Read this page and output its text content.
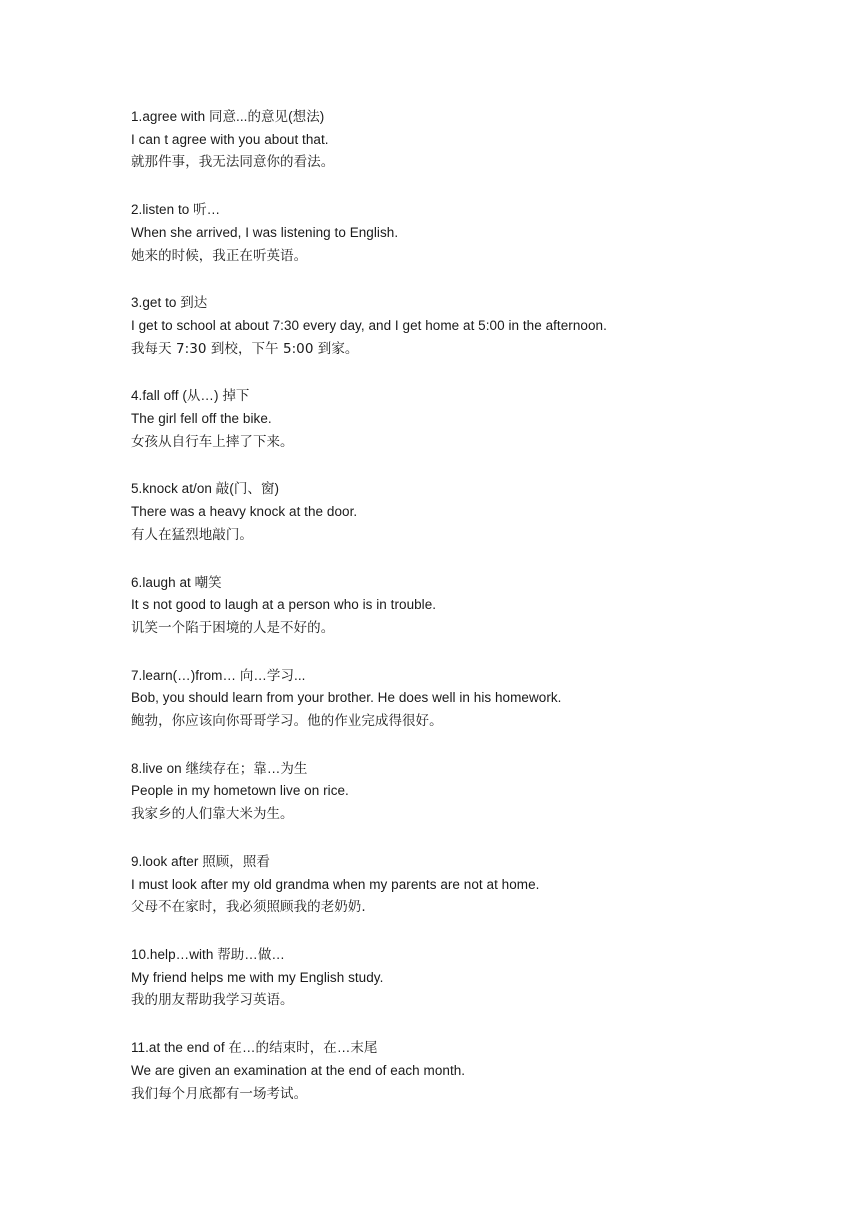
1.agree with 同意...的意见(想法)
I can t agree with you about that.
就那件事，我无法同意你的看法。
2.listen to 听…
When she arrived, I was listening to English.
她来的时候，我正在听英语。
3.get to 到达
I get to school at about 7:30 every day, and I get home at 5:00 in the afternoon.
我每天 7:30 到校，下午 5:00 到家。
4.fall off (从…) 掉下
The girl fell off the bike.
女孩从自行车上摔了下来。
5.knock at/on 敲(门、窗)
There was a heavy knock at the door.
有人在猛烈地敲门。
6.laugh at 嘲笑
It s not good to laugh at a person who is in trouble.
讥笑一个陷于困境的人是不好的。
7.learn(…)from… 向…学习...
Bob, you should learn from your brother. He does well in his homework.
鲍勃，你应该向你哥哥学习。他的作业完成得很好。
8.live on 继续存在；靠…为生
People in my hometown live on rice.
我家乡的人们靠大米为生。
9.look after 照顾，照看
I must look after my old grandma when my parents are not at home.
父母不在家时，我必须照顾我的老奶奶.
10.help…with 帮助…做…
My friend helps me with my English study.
我的朋友帮助我学习英语。
11.at the end of 在…的结束时，在…末尾
We are given an examination at the end of each month.
我们每个月底都有一场考试。
